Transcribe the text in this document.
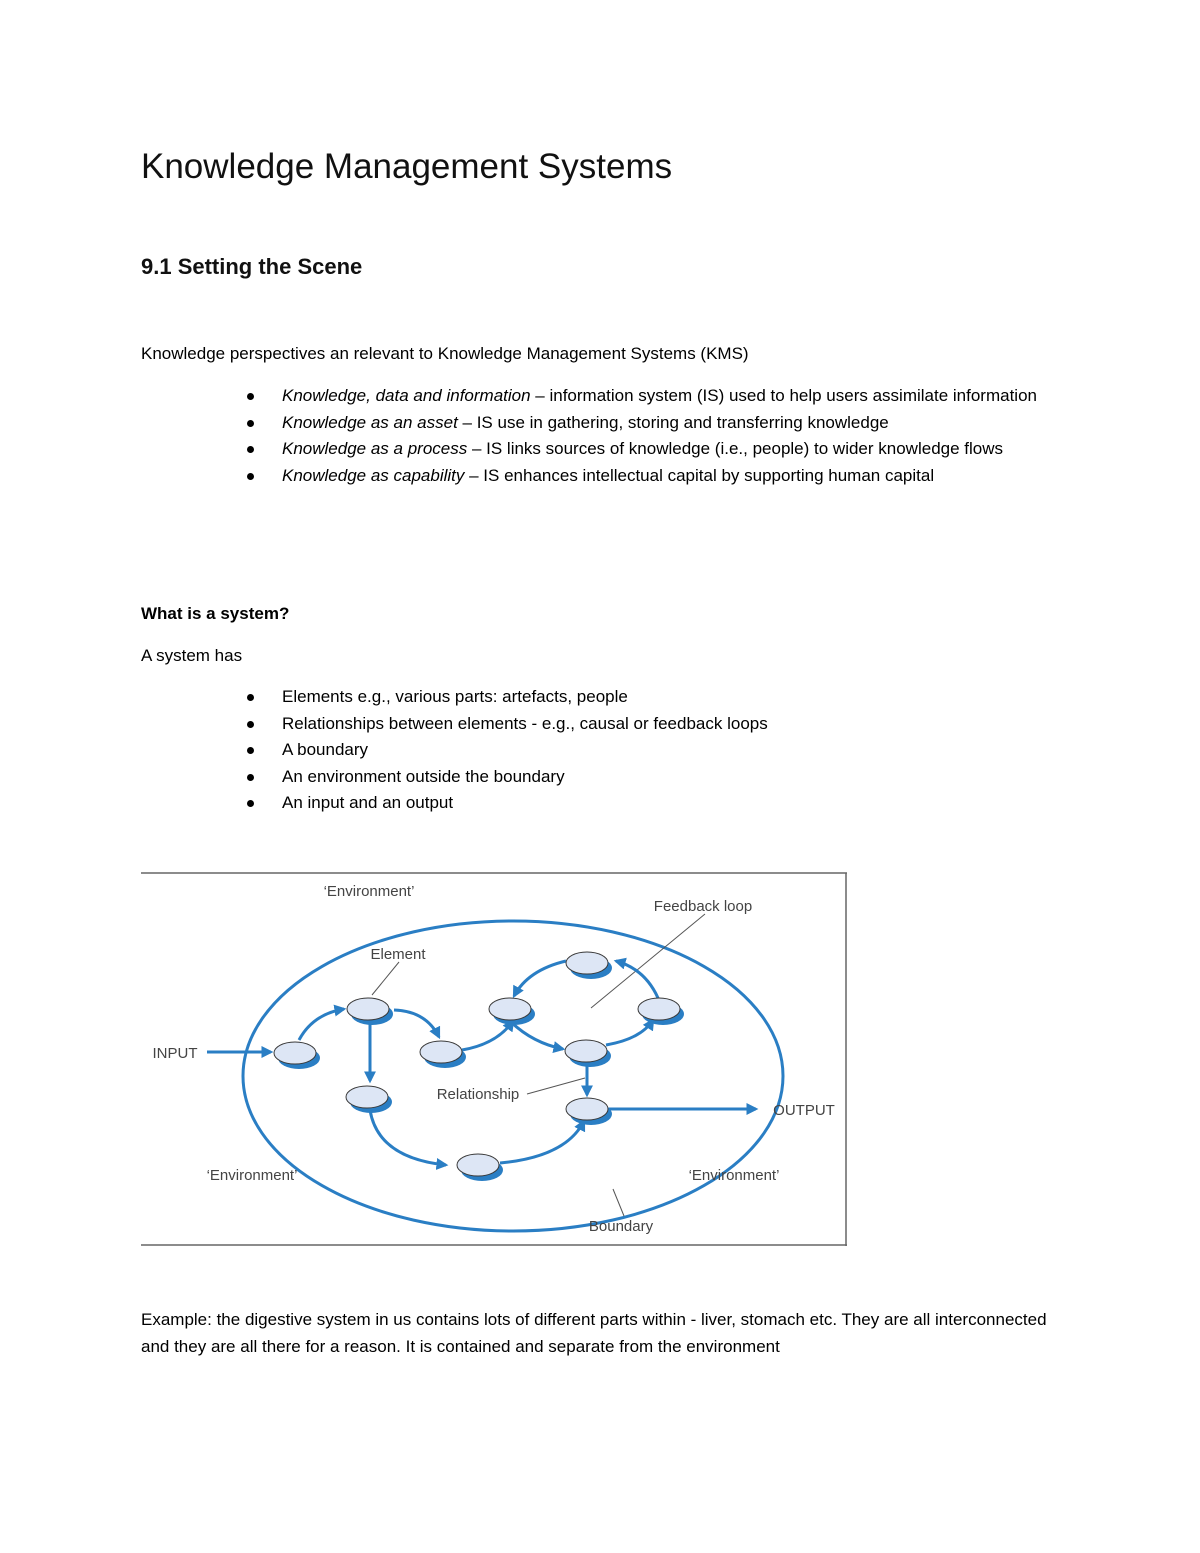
Knowledge Management Systems
9.1 Setting the Scene

Knowledge perspectives an relevant to Knowledge Management Systems (KMS)

Knowledge, data and information – information system (IS) used to help users assimilate information
Knowledge as an asset – IS use in gathering, storing and transferring knowledge
Knowledge as a process – IS links sources of knowledge (i.e., people) to wider knowledge flows
Knowledge as capability – IS enhances intellectual capital by supporting human capital

What is a system?

A system has

Elements e.g., various parts: artefacts, people
Relationships between elements - e.g., causal or feedback loops
A boundary
An environment outside the boundary
An input and an output
‘Environment’
Feedback loop
Element
INPUT
OUTPUT
Relationship
‘Environment’	‘Environment’
Boundary

Example: the digestive system in us contains lots of different parts within - liver, stomach etc. They are all interconnected and they are all there for a reason. It is contained and separate from the environment
